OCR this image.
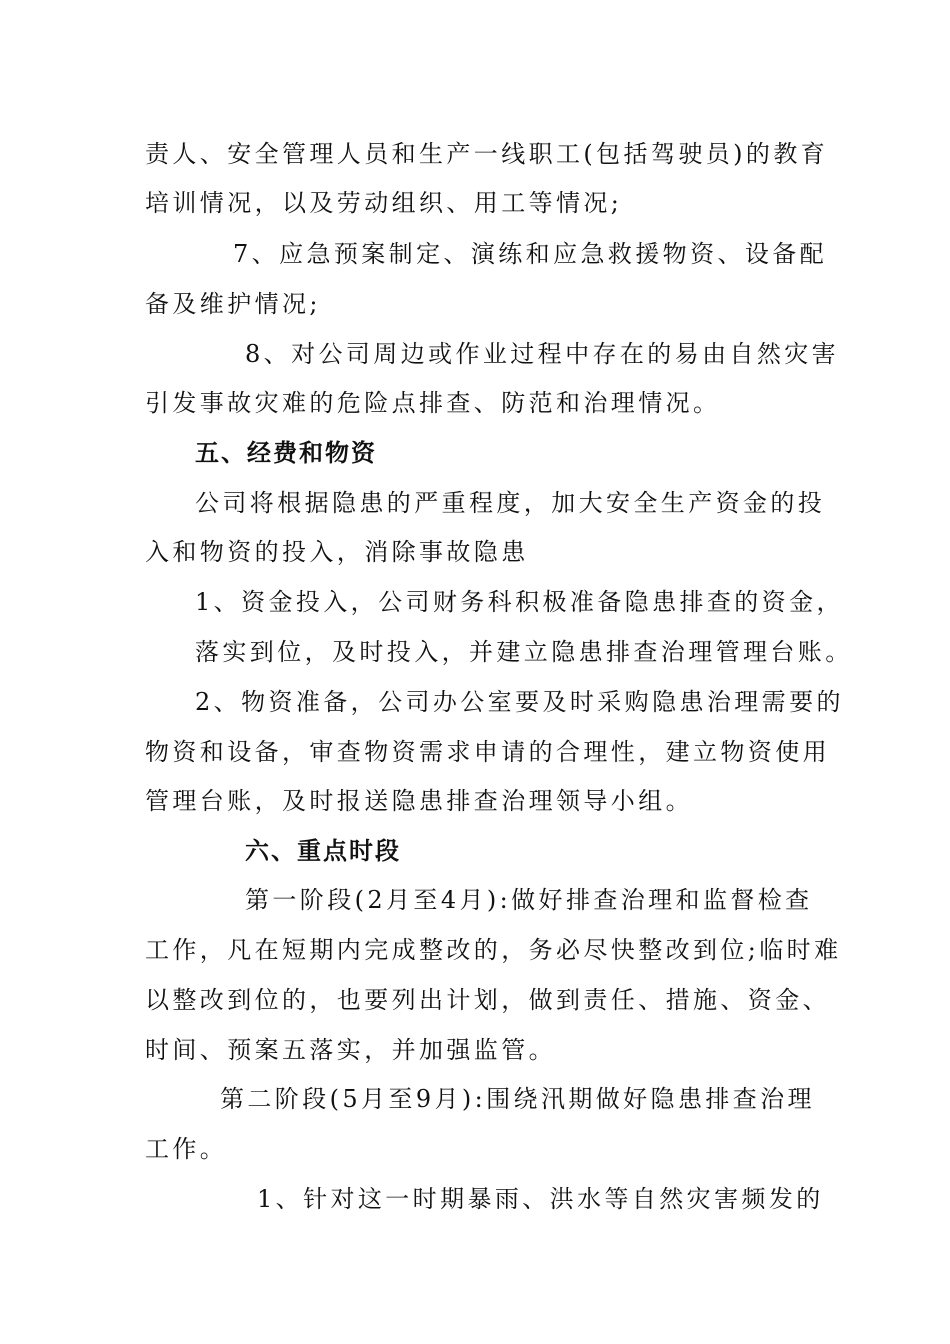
责人、安全管理人员和生产一线职工(包括驾驶员)的教育
培训情况，以及劳动组织、用工等情况;
7、应急预案制定、演练和应急救援物资、设备配
备及维护情况;
8、对公司周边或作业过程中存在的易由自然灾害
引发事故灾难的危险点排查、防范和治理情况。
五、经费和物资
公司将根据隐患的严重程度，加大安全生产资金的投
入和物资的投入，消除事故隐患
1、资金投入，公司财务科积极准备隐患排查的资金，
落实到位，及时投入，并建立隐患排查治理管理台账。
2、物资准备，公司办公室要及时采购隐患治理需要的
物资和设备，审查物资需求申请的合理性，建立物资使用
管理台账，及时报送隐患排查治理领导小组。
六、重点时段
第一阶段(2月至4月):做好排查治理和监督检查
工作，凡在短期内完成整改的，务必尽快整改到位;临时难
以整改到位的，也要列出计划，做到责任、措施、资金、
时间、预案五落实，并加强监管。
第二阶段(5月至9月):围绕汛期做好隐患排查治理
工作。
1、针对这一时期暴雨、洪水等自然灾害频发的
